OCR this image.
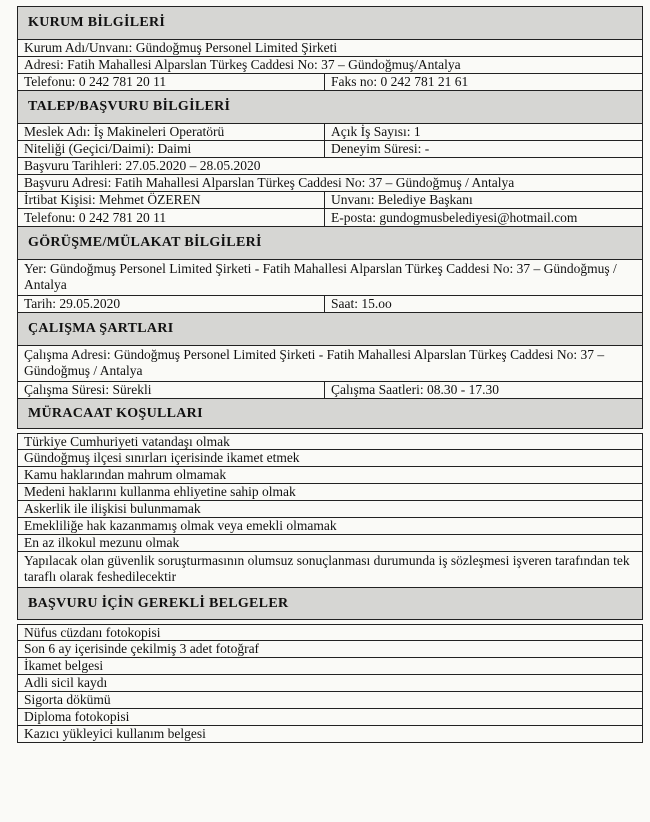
KURUM BİLGİLERİ
Kurum Adı/Unvanı: Gündoğmuş Personel Limited Şirketi
Adresi: Fatih Mahallesi Alparslan Türkeş Caddesi No: 37 – Gündoğmuş/Antalya
Telefonu: 0 242 781 20 11	Faks no: 0 242 781 21 61
TALEP/BAŞVURU BİLGİLERİ
Meslek Adı: İş Makineleri Operatörü	Açık İş Sayısı: 1
Niteliği (Geçici/Daimi): Daimi	Deneyim Süresi: -
Başvuru Tarihleri: 27.05.2020 – 28.05.2020
Başvuru Adresi: Fatih Mahallesi Alparslan Türkeş Caddesi No: 37 – Gündoğmuş / Antalya
İrtibat Kişisi: Mehmet ÖZEREN	Unvanı: Belediye Başkanı
Telefonu: 0 242 781 20 11	E-posta: gundogmusbelediyesi@hotmail.com
GÖRÜŞME/MÜLAKAT BİLGİLERİ
Yer: Gündoğmuş Personel Limited Şirketi - Fatih Mahallesi Alparslan Türkeş Caddesi No: 37 – Gündoğmuş / Antalya
Tarih: 29.05.2020	Saat: 15.oo
ÇALIŞMA ŞARTLARI
Çalışma Adresi: Gündoğmuş Personel Limited Şirketi - Fatih Mahallesi Alparslan Türkeş Caddesi No: 37 – Gündoğmuş / Antalya
Çalışma Süresi: Sürekli	Çalışma Saatleri: 08.30 - 17.30
MÜRACAAT KOŞULLARI
Türkiye Cumhuriyeti vatandaşı olmak
Gündoğmuş ilçesi sınırları içerisinde ikamet etmek
Kamu haklarından mahrum olmamak
Medeni haklarını kullanma ehliyetine sahip olmak
Askerlik ile ilişkisi bulunmamak
Emekliliğe hak kazanmamış olmak veya emekli olmamak
En az ilkokul mezunu olmak
Yapılacak olan güvenlik soruşturmasının olumsuz sonuçlanması durumunda iş sözleşmesi işveren tarafından tek taraflı olarak feshedilecektir
BAŞVURU İÇİN GEREKLİ BELGELER
Nüfus cüzdanı fotokopisi
Son 6 ay içerisinde çekilmiş 3 adet fotoğraf
İkamet belgesi
Adli sicil kaydı
Sigorta dökümü
Diploma fotokopisi
Kazıcı yükleyici kullanım belgesi
